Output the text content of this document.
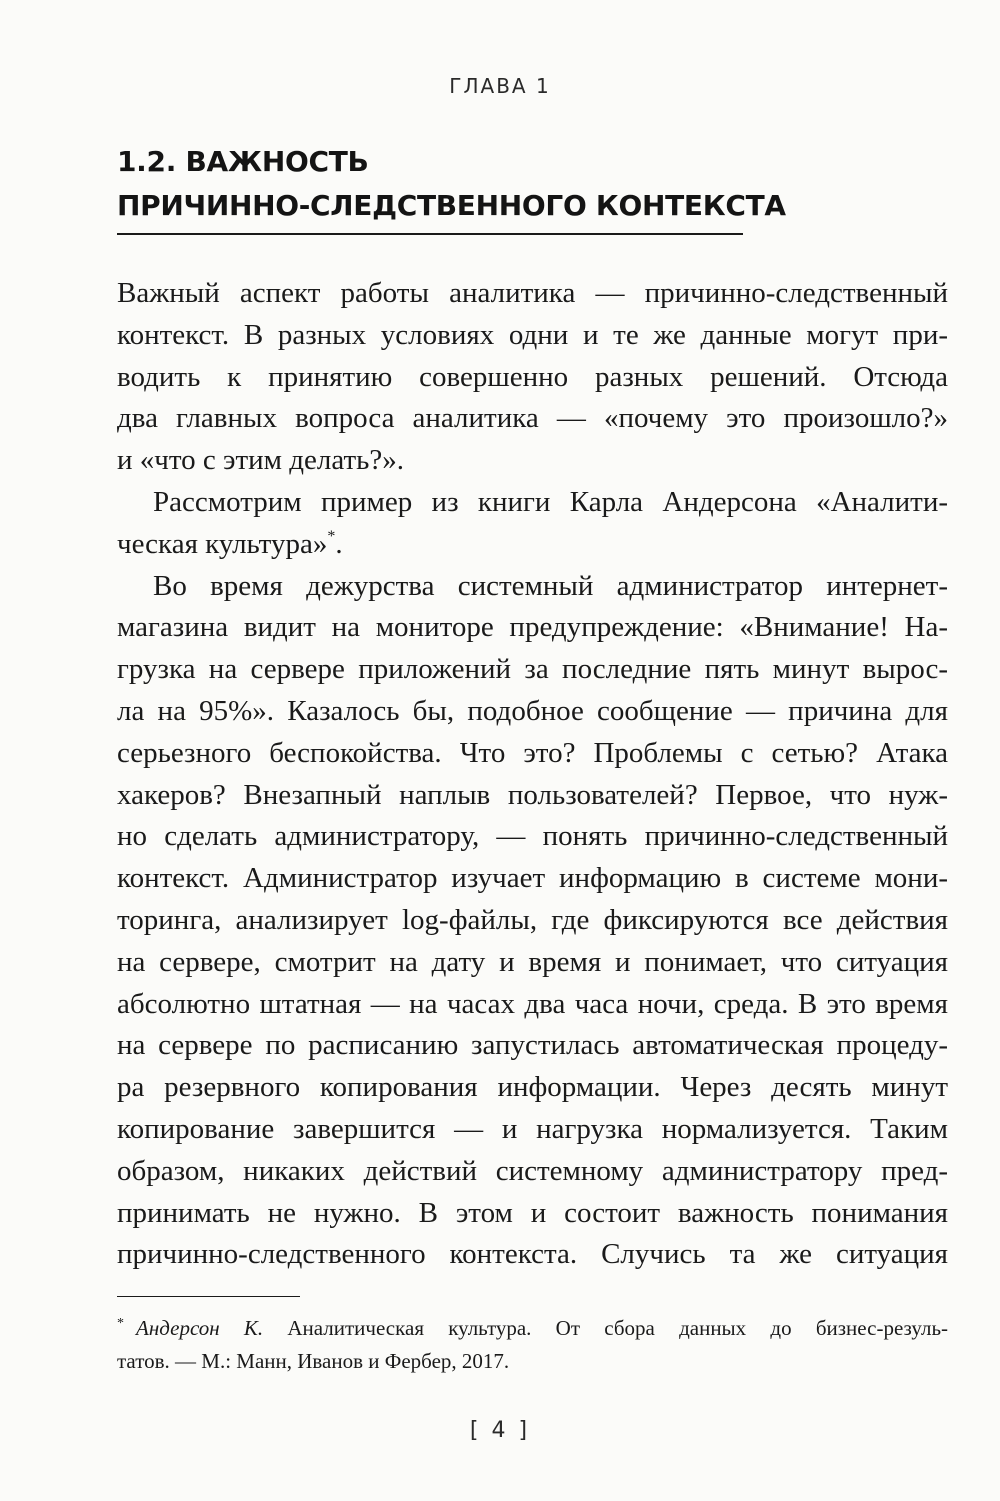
ГЛАВА 1
1.2. ВАЖНОСТЬ
ПРИЧИННО-СЛЕДСТВЕННОГО КОНТЕКСТА
Важный аспект работы аналитика — причинно-следственный
контекст. В разных условиях одни и те же данные могут при-
водить к принятию совершенно разных решений. Отсюда
два главных вопроса аналитика — «почему это произошло?»
и «что с этим делать?».
Рассмотрим пример из книги Карла Андерсона «Аналити-
ческая культура»*.
Во время дежурства системный администратор интернет-
магазина видит на мониторе предупреждение: «Внимание! На-
грузка на сервере приложений за последние пять минут вырос-
ла на 95%». Казалось бы, подобное сообщение — причина для
серьезного беспокойства. Что это? Проблемы с сетью? Атака
хакеров? Внезапный наплыв пользователей? Первое, что нуж-
но сделать администратору, — понять причинно-следственный
контекст. Администратор изучает информацию в системе мони-
торинга, анализирует log-файлы, где фиксируются все действия
на сервере, смотрит на дату и время и понимает, что ситуация
абсолютно штатная — на часах два часа ночи, среда. В это время
на сервере по расписанию запустилась автоматическая процеду-
ра резервного копирования информации. Через десять минут
копирование завершится — и нагрузка нормализуется. Таким
образом, никаких действий системному администратору пред-
принимать не нужно. В этом и состоит важность понимания
причинно-следственного контекста. Случись та же ситуация
* Андерсон К. Аналитическая культура. От сбора данных до бизнес-резуль-
татов. — М.: Манн, Иванов и Фербер, 2017.
[ 4 ]
